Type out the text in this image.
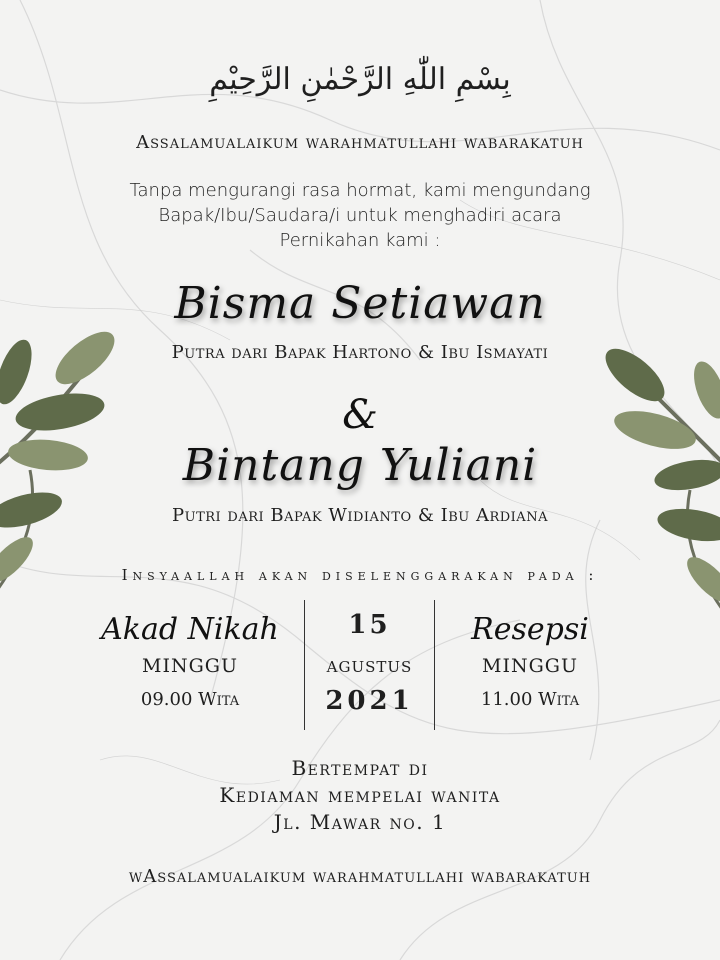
بِسْمِ اللّٰهِ الرَّحْمٰنِ الرَّحِيْمِ
Assalamualaikum warahmatullahi wabarakatuh
Tanpa mengurangi rasa hormat, kami mengundang
Bapak/Ibu/Saudara/i untuk menghadiri acara
Pernikahan kami :
Bisma Setiawan
Putra dari Bapak Hartono & Ibu Ismayati
&
Bintang Yuliani
Putri dari Bapak Widianto & Ibu Ardiana
Insyaallah akan diselenggarakan pada :
Akad Nikah
MINGGU
09.00 Wita
15
AGUSTUS
2021
Resepsi
MINGGU
11.00 Wita
Bertempat di
Kediaman mempelai wanita
Jl. Mawar no. 1
wAssalamualaikum warahmatullahi wabarakatuh
